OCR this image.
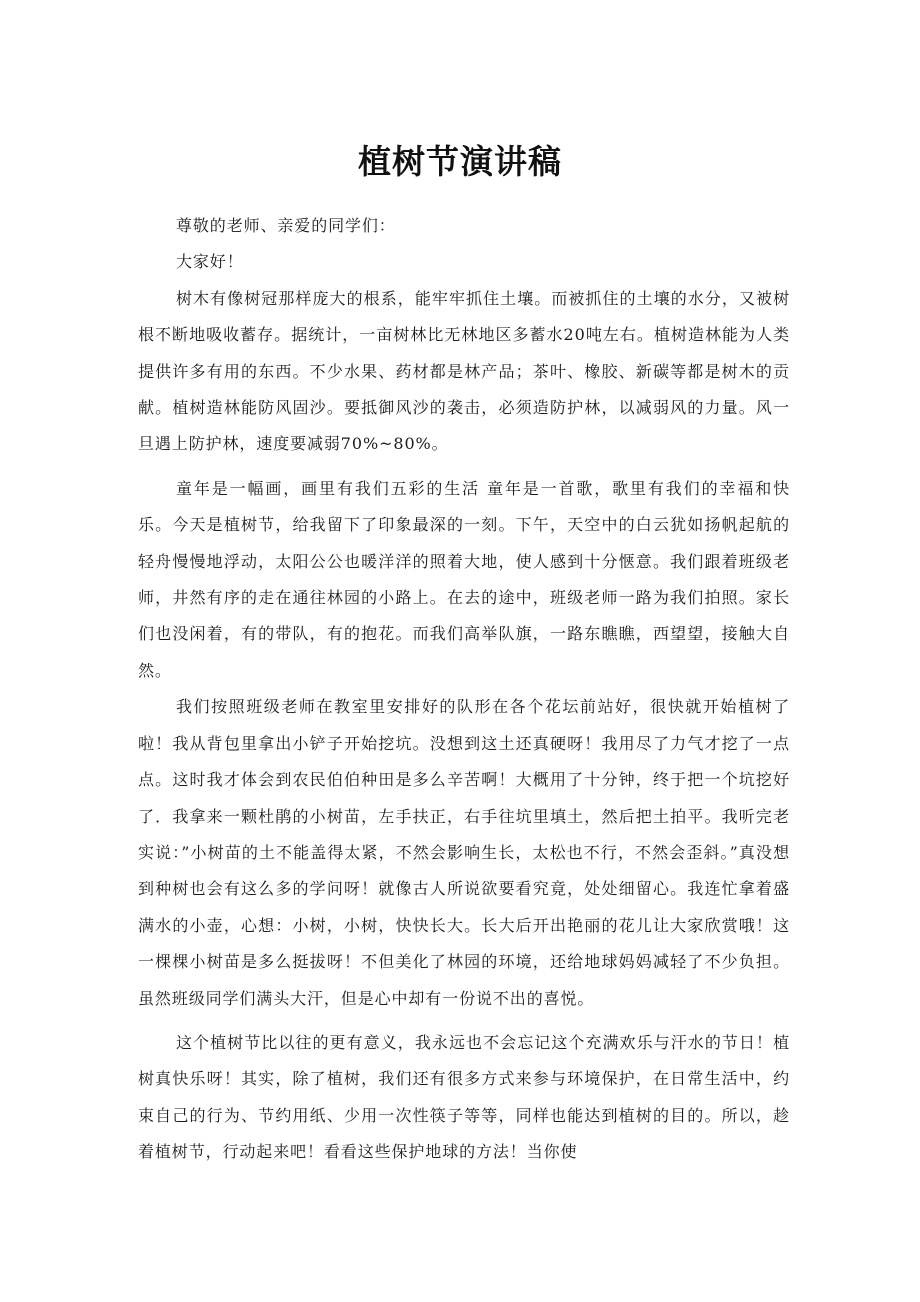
植树节演讲稿

尊敬的老师、亲爱的同学们：

大家好！

树木有像树冠那样庞大的根系，能牢牢抓住土壤。而被抓住的土壤的水分，又被树根不断地吸收蓄存。据统计，一亩树林比无林地区多蓄水20吨左右。植树造林能为人类提供许多有用的东西。不少水果、药材都是林产品；茶叶、橡胶、新碳等都是树木的贡献。植树造林能防风固沙。要抵御风沙的袭击，必须造防护林，以减弱风的力量。风一旦遇上防护林，速度要减弱70%~80%。

童年是一幅画，画里有我们五彩的生活 童年是一首歌，歌里有我们的幸福和快乐。今天是植树节，给我留下了印象最深的一刻。下午，天空中的白云犹如扬帆起航的轻舟慢慢地浮动，太阳公公也暖洋洋的照着大地，使人感到十分惬意。我们跟着班级老师，井然有序的走在通往林园的小路上。在去的途中，班级老师一路为我们拍照。家长们也没闲着，有的带队，有的抱花。而我们高举队旗，一路东瞧瞧，西望望，接触大自然。

我们按照班级老师在教室里安排好的队形在各个花坛前站好，很快就开始植树了啦！我从背包里拿出小铲子开始挖坑。没想到这土还真硬呀！我用尽了力气才挖了一点点。这时我才体会到农民伯伯种田是多么辛苦啊！大概用了十分钟，终于把一个坑挖好了．我拿来一颗杜鹃的小树苗，左手扶正，右手往坑里填土，然后把土拍平。我听完老实说：”小树苗的土不能盖得太紧，不然会影响生长，太松也不行，不然会歪斜。”真没想到种树也会有这么多的学问呀！就像古人所说欲要看究竟，处处细留心。我连忙拿着盛满水的小壶，心想：小树，小树，快快长大。长大后开出艳丽的花儿让大家欣赏哦！这一棵棵小树苗是多么挺拔呀！不但美化了林园的环境，还给地球妈妈减轻了不少负担。虽然班级同学们满头大汗，但是心中却有一份说不出的喜悦。

这个植树节比以往的更有意义，我永远也不会忘记这个充满欢乐与汗水的节日！植树真快乐呀！其实，除了植树，我们还有很多方式来参与环境保护，在日常生活中，约束自己的行为、节约用纸、少用一次性筷子等等，同样也能达到植树的目的。所以，趁着植树节，行动起来吧！看看这些保护地球的方法！当你使
